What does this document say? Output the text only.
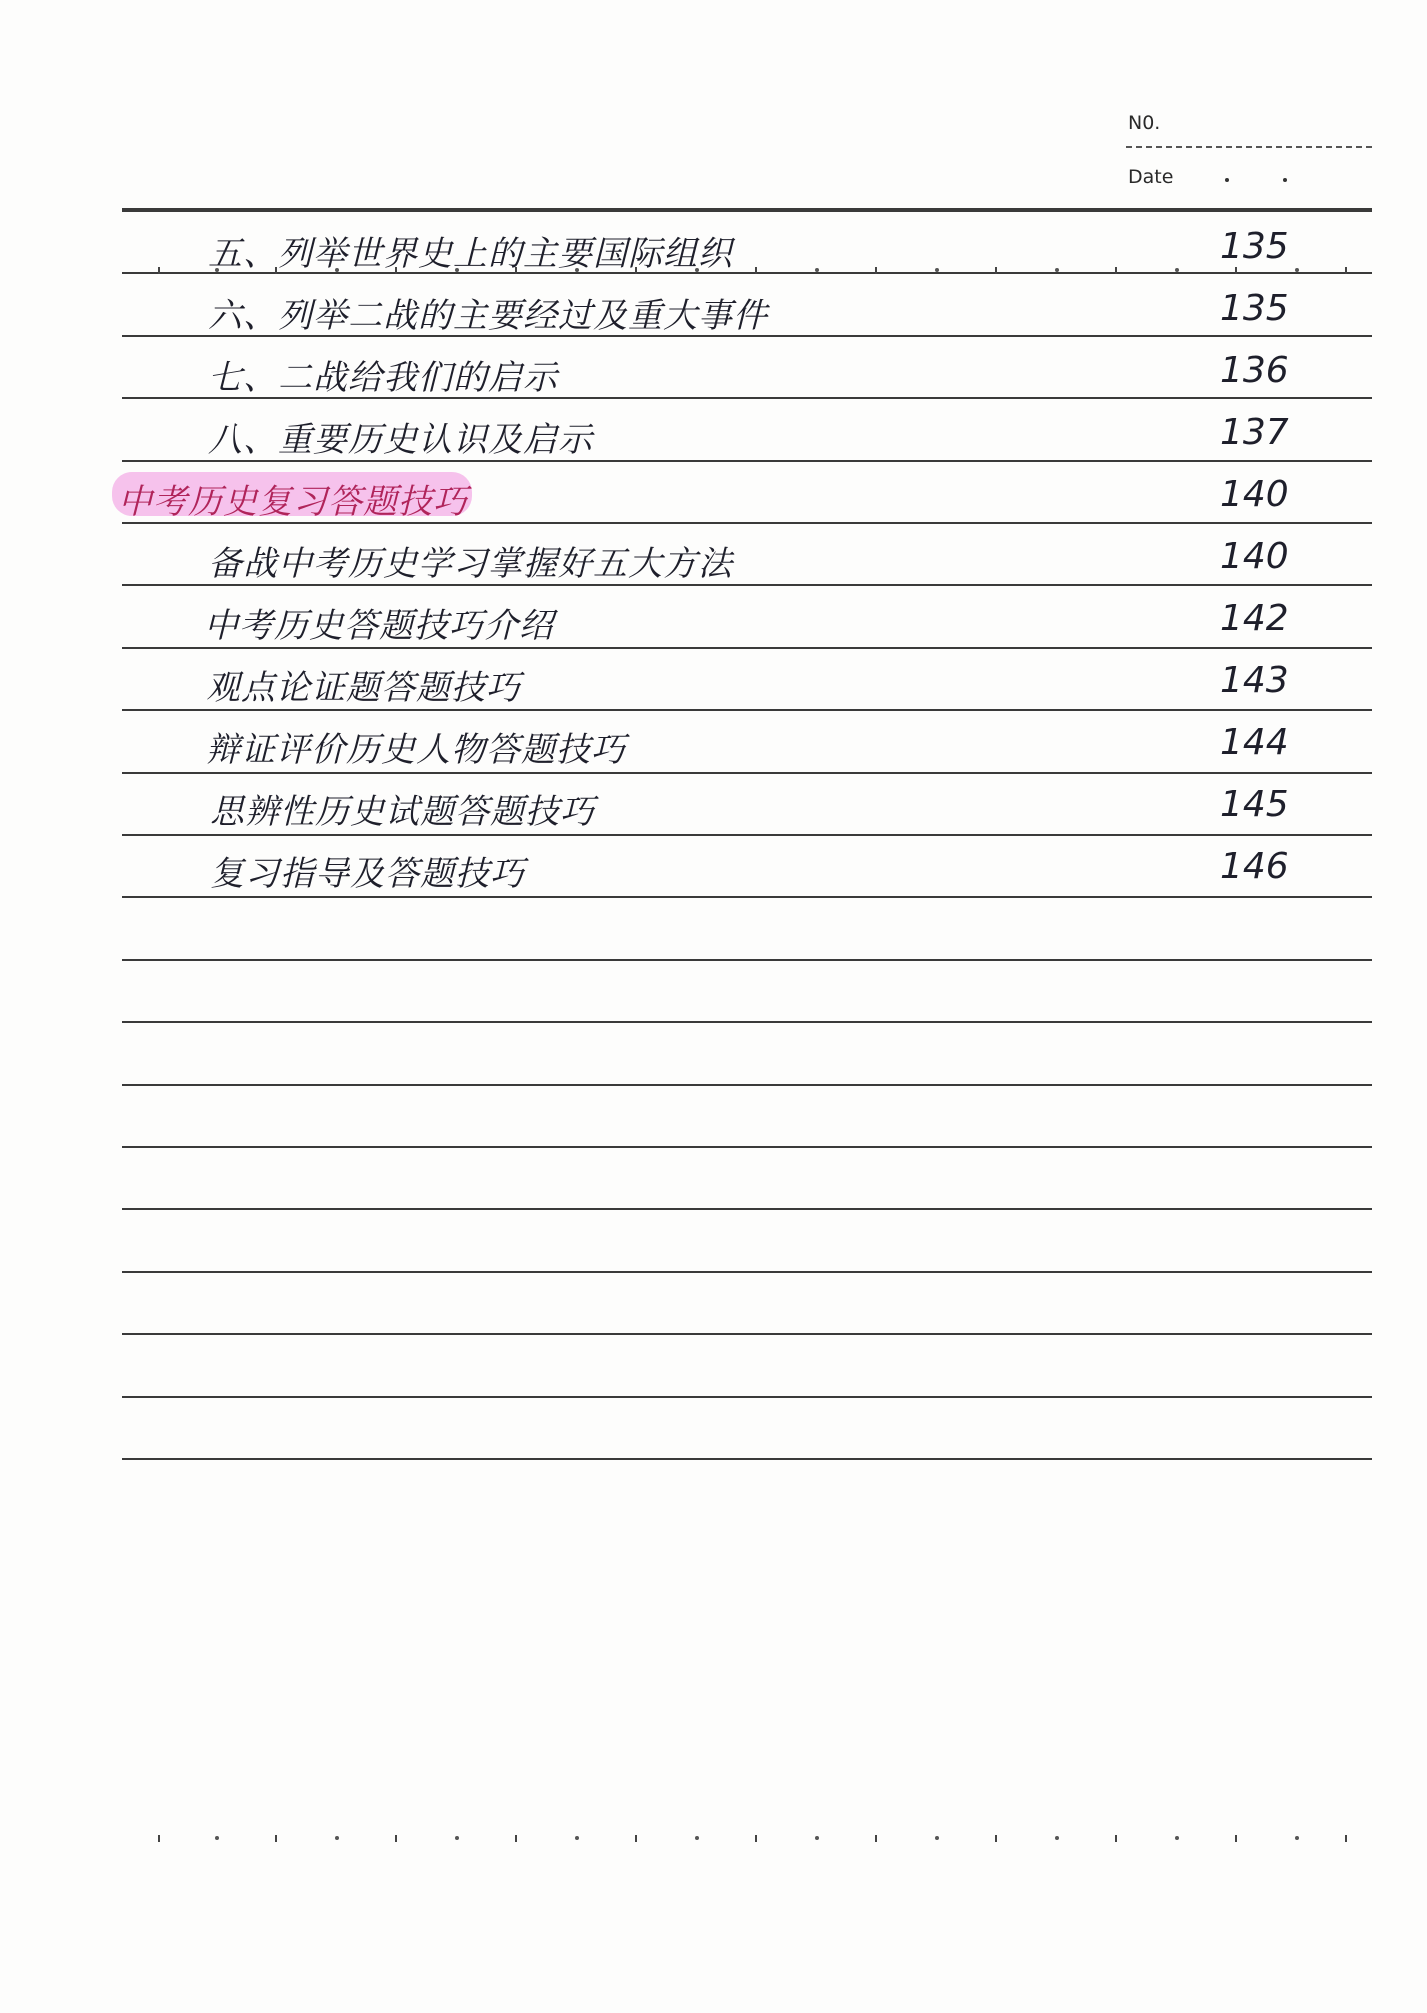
N0.
Date
五、列举世界史上的主要国际组织	135
六、列举二战的主要经过及重大事件	135
七、二战给我们的启示	136
八、重要历史认识及启示	137
中考历史复习答题技巧	140
备战中考历史学习掌握好五大方法	140
中考历史答题技巧介绍	142
观点论证题答题技巧	143
辩证评价历史人物答题技巧	144
思辨性历史试题答题技巧	145
复习指导及答题技巧	146
